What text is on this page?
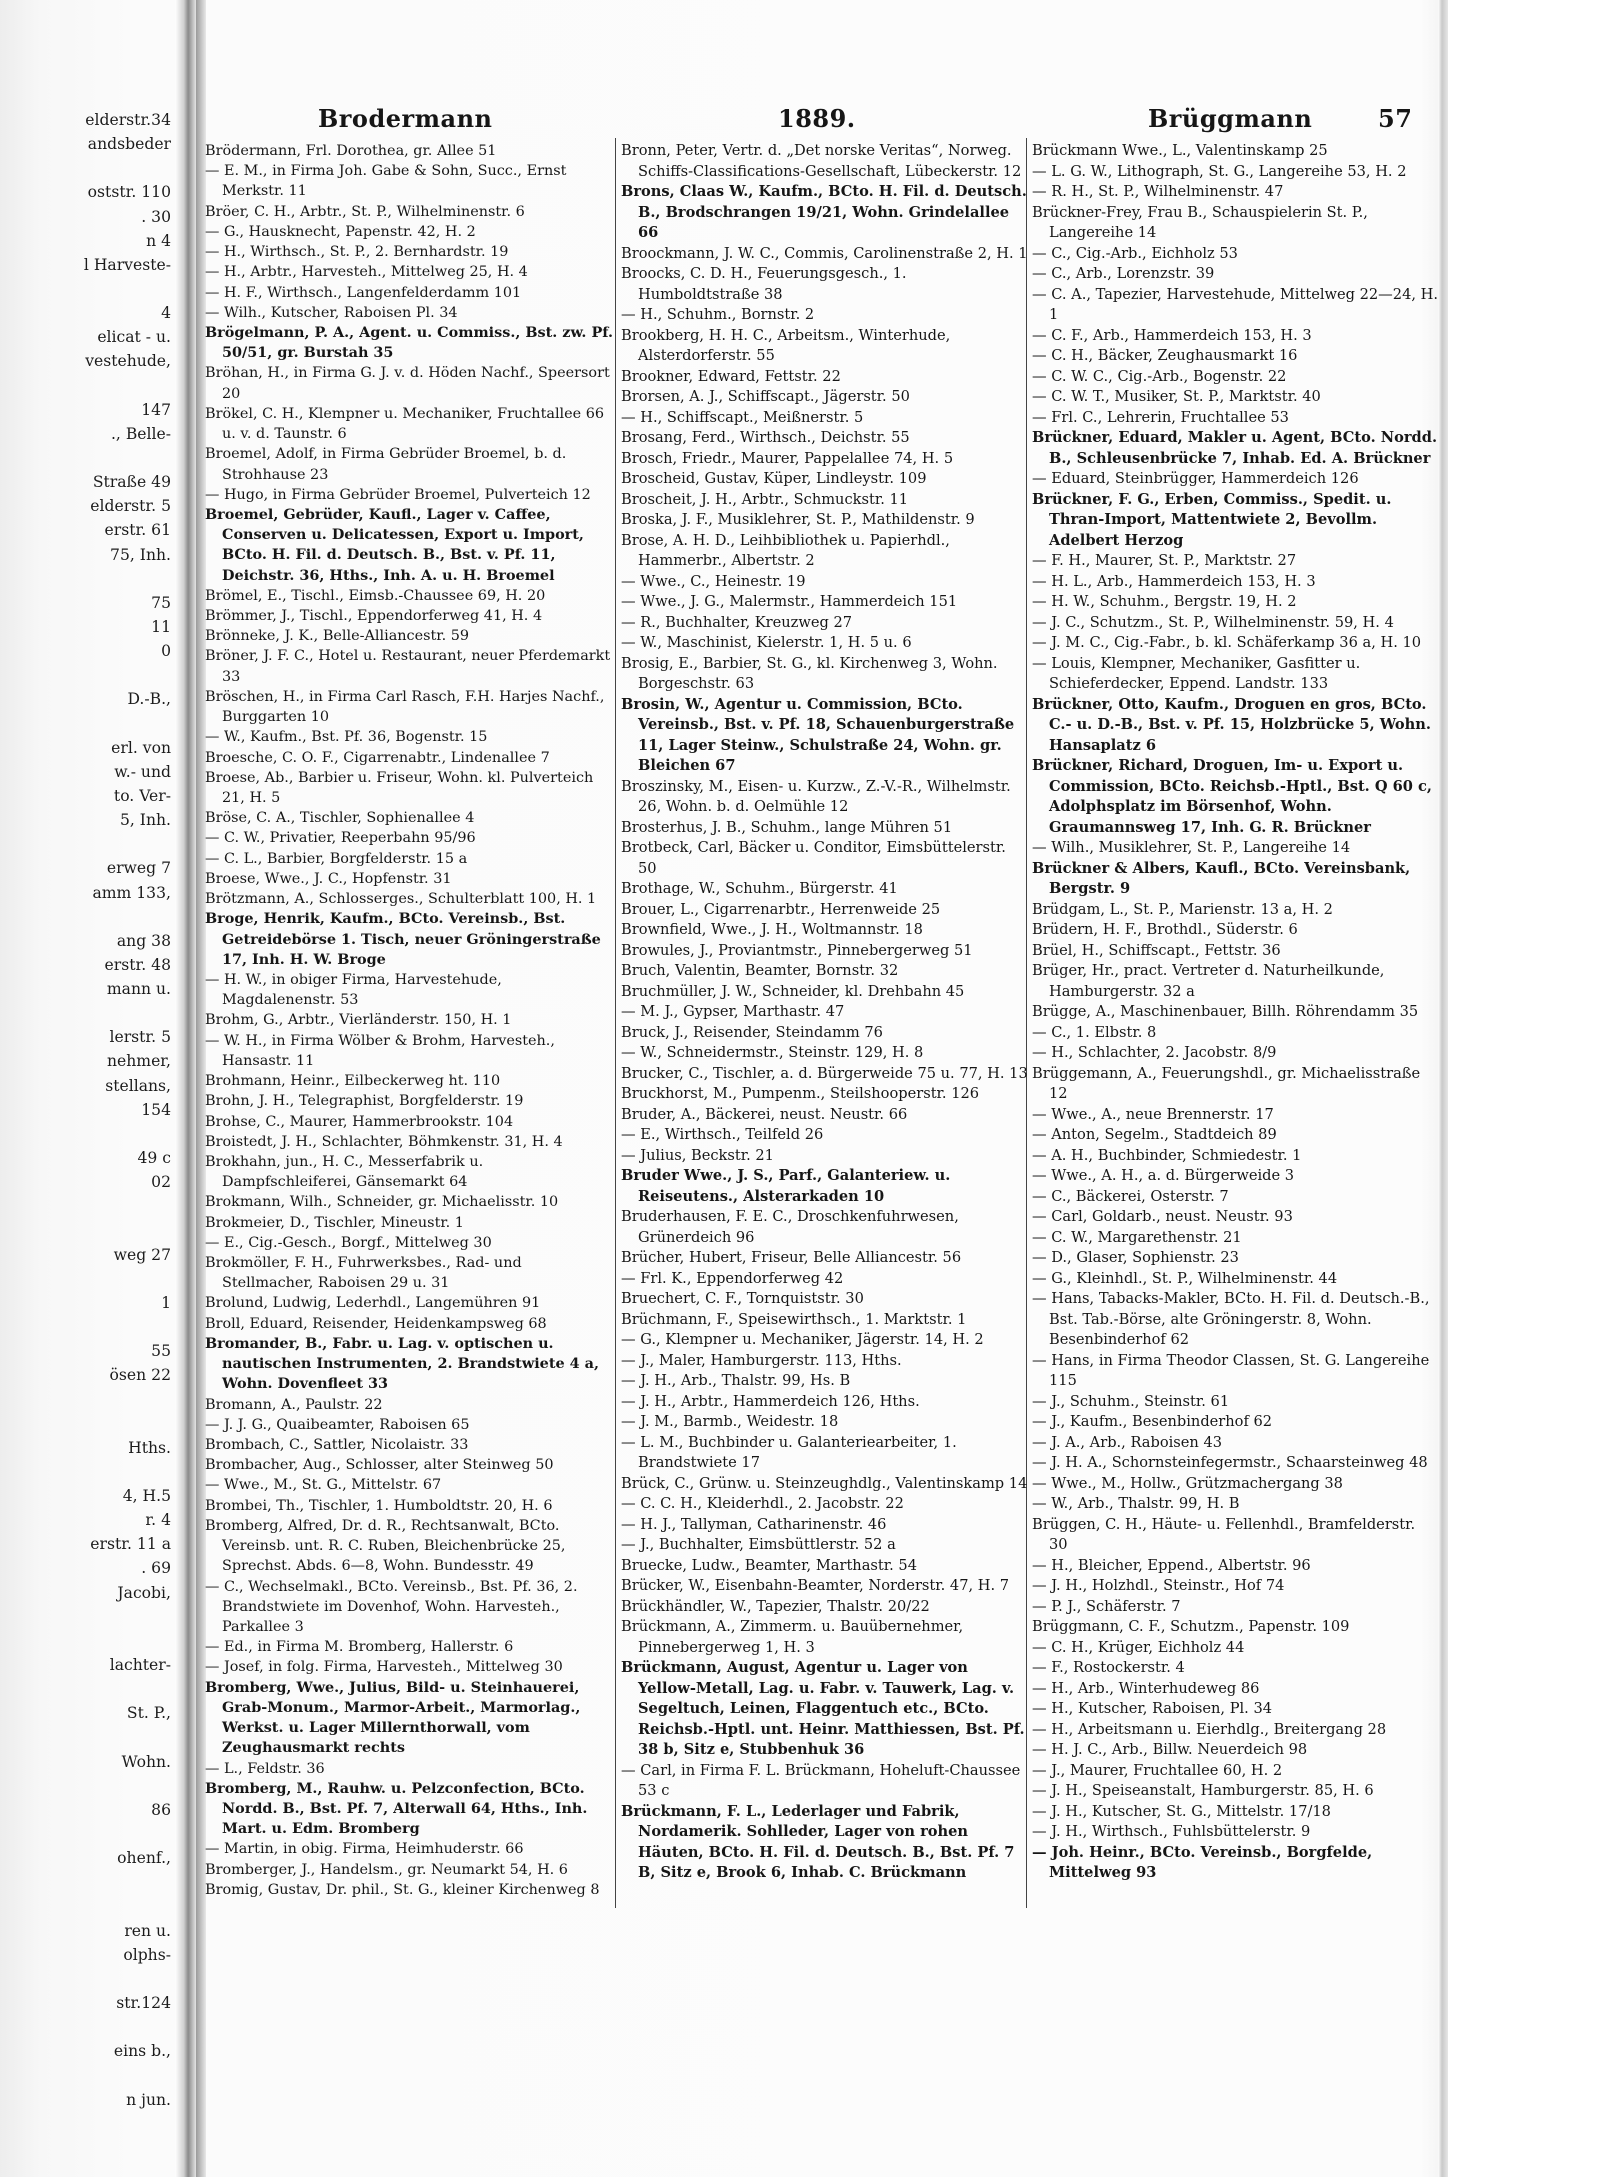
elderstr.34
andsbeder
oststr. 110
. 30
n 4
l Harveste-
4
elicat - u.
vestehude,
147
., Belle-
Straße 49
elderstr. 5
erstr. 61
75, Inh.
75
11
0
D.-B.,
erl. von
w.- und
to. Ver-
5, Inh.
erweg 7
amm 133,
ang 38
erstr. 48
mann u.
lerstr. 5
nehmer,
stellans,
154
49 c
02
weg 27
1
55
ösen 22
Hths.
4, H.5
r. 4
erstr. 11 a
. 69
Jacobi,
lachter-
St. P.,
Wohn.
86
ohenf.,
ren u.
olphs-
str.124
eins b.,
n jun.
Brodermann	1889.	Brüggmann	57
Brödermann, Frl. Dorothea, gr. Allee 51
— E. M., in Firma Joh. Gabe & Sohn, Succ., Ernst Merkstr. 11
Bröer, C. H., Arbtr., St. P., Wilhelminenstr. 6
— G., Hausknecht, Papenstr. 42, H. 2
— H., Wirthsch., St. P., 2. Bernhardstr. 19
— H., Arbtr., Harvesteh., Mittelweg 25, H. 4
— H. F., Wirthsch., Langenfelderdamm 101
— Wilh., Kutscher, Rabois​en Pl. 34
Brögelmann, P. A., Agent. u. Commiss., Bst. zw. Pf. 50/51, gr. Burstah 35
Bröhan, H., in Firma G. J. v. d. Höden Nachf., Speersort 20
Brökel, C. H., Klempner u. Mechaniker, Fruchtallee 66 u. v. d. Taunstr. 6
Broemel, Adolf, in Firma Gebrüder Broemel, b. d. Strohhause 23
— Hugo, in Firma Gebrüder Broemel, Pulverteich 12
Broemel, Gebrüder, Kaufl., Lager v. Caffee, Conserven u. Delicatessen, Export u. Import, BCto. H. Fil. d. Deutsch. B., Bst. v. Pf. 11, Deichstr. 36, Hths., Inh. A. u. H. Broemel
Brömel, E., Tischl., Eimsb.-Chaussee 69, H. 20
Brömmer, J., Tischl., Eppendorferweg 41, H. 4
Brönneke, J. K., Belle-Alliancestr. 59
Bröner, J. F. C., Hotel u. Restaurant, neuer Pferdemarkt 33
Bröschen, H., in Firma Carl Rasch, F.H. Harjes Nachf., Burggarten 10
— W., Kaufm., Bst. Pf. 36, Bogenstr. 15
Broesche, C. O. F., Cigarrenabtr., Lindenallee 7
Broese, Ab., Barbier u. Friseur, Wohn. kl. Pulverteich 21, H. 5
Bröse, C. A., Tischler, Sophienallee 4
— C. W., Privatier, Reeperbahn 95/96
— C. L., Barbier, Borgfelderstr. 15 a
Broese, Wwe., J. C., Hopfenstr. 31
Brötzmann, A., Schlosserges., Schulterblatt 100, H. 1
Broge, Henrik, Kaufm., BCto. Vereinsb., Bst. Getreidebörse 1. Tisch, neuer Gröningerstraße 17, Inh. H. W. Broge
— H. W., in obiger Firma, Harvestehude, Magdalenenstr. 53
Brohm, G., Arbtr., Vierländerstr. 150, H. 1
— W. H., in Firma Wölber & Brohm, Harvesteh., Hansastr. 11
Brohmann, Heinr., Eilbeckerweg ht. 110
Brohn, J. H., Telegraphist, Borgfelderstr. 19
Brohse, C., Maurer, Hammerbrookstr. 104
Broistedt, J. H., Schlachter, Böhmkenstr. 31, H. 4
Brokhahn, jun., H. C., Messerfabrik u. Dampfschleiferei, Gänsemarkt 64
Brokmann, Wilh., Schneider, gr. Michaelisstr. 10
Brokmeier, D., Tischler, Mineustr. 1
— E., Cig.-Gesch., Borgf., Mittelweg 30
Brokmöller, F. H., Fuhrwerksbes., Rad- und Stellmacher, Rabois​en 29 u. 31
Brolund, Ludwig, Lederhdl., Langemühren 91
Broll, Eduard, Reisender, Heidenkampsweg 68
Bromander, B., Fabr. u. Lag. v. optischen u. nautischen Instrumenten, 2. Brandstwiete 4 a, Wohn. Dovenfleet 33
Bromann, A., Paulstr. 22
— J. J. G., Quaibeamter, Rabois​en 65
Brombach, C., Sattler, Nicolaistr. 33
Brombacher, Aug., Schlosser, alter Steinweg 50
— Wwe., M., St. G., Mittelstr. 67
Brombei, Th., Tischler, 1. Humboldtstr. 20, H. 6
Bromberg, Alfred, Dr. d. R., Rechtsanwalt, BCto. Vereinsb. unt. R. C. Ruben, Bleichenbrücke 25, Sprechst. Abds. 6—8, Wohn. Bundesstr. 49
— C., Wechselmakl., BCto. Vereinsb., Bst. Pf. 36, 2. Brandstwiete im Dovenhof, Wohn. Harvesteh., Parkallee 3
— Ed., in Firma M. Bromberg, Hallerstr. 6
— Josef, in folg. Firma, Harvesteh., Mittelweg 30
Bromberg, Wwe., Julius, Bild- u. Steinhauerei, Grab-Monum., Marmor-Arbeit., Marmorlag., Werkst. u. Lager Millernthorwall, vom Zeughausmarkt rechts
— L., Feldstr. 36
Bromberg, M., Rauhw. u. Pelzconfection, BCto. Nordd. B., Bst. Pf. 7, Alterwall 64, Hths., Inh. Mart. u. Edm. Bromberg
— Martin, in obig. Firma, Heimhuderstr. 66
Bromberger, J., Handelsm., gr. Neumarkt 54, H. 6
Bromig, Gustav, Dr. phil., St. G., kleiner Kirchenweg 8
Bronn, Peter, Vertr. d. „Det norske Veritas“, Norweg. Schiffs-Classifications-Gesellschaft, Lübeckerstr. 12
Brons, Claas W., Kaufm., BCto. H. Fil. d. Deutsch. B., Brodschrangen 19/21, Wohn. Grindelallee 66
Broockmann, J. W. C., Commis, Carolinenstraße 2, H. 1
Broocks, C. D. H., Feuerungsgesch., 1. Humboldtstraße 38
— H., Schuhm., Bornstr. 2
Brookberg, H. H. C., Arbeitsm., Winterhude, Alsterdorferstr. 55
Brookner, Edward, Fettstr. 22
Brorsen, A. J., Schiffscapt., Jägerstr. 50
— H., Schiffscapt., Meißnerstr. 5
Brosang, Ferd., Wirthsch., Deichstr. 55
Brosch, Friedr., Maurer, Pappelallee 74, H. 5
Broscheid, Gustav, Küper, Lindleystr. 109
Broscheit, J. H., Arbtr., Schmuckstr. 11
Broska, J. F., Musiklehrer, St. P., Mathildenstr. 9
Brose, A. H. D., Leihbibliothek u. Papierhdl., Hammerbr., Albertstr. 2
— Wwe., C., Heinestr. 19
— Wwe., J. G., Malermstr., Hammerdeich 151
— R., Buchhalter, Kreuzweg 27
— W., Maschinist, Kielerstr. 1, H. 5 u. 6
Brosig, E., Barbier, St. G., kl. Kirchenweg 3, Wohn. Borgeschstr. 63
Brosin, W., Agentur u. Commission, BCto. Vereinsb., Bst. v. Pf. 18, Schauenburgerstraße 11, Lager Steinw., Schulstraße 24, Wohn. gr. Bleichen 67
Broszinsky, M., Eisen- u. Kurzw., Z.-V.-R., Wilhelmstr. 26, Wohn. b. d. Oelmühle 12
Brosterhus, J. B., Schuhm., lange Mühren 51
Brotbeck, Carl, Bäcker u. Conditor, Eimsbüttelerstr. 50
Brothage, W., Schuhm., Bürgerstr. 41
Brouer, L., Cigarrenarbtr., Herrenweide 25
Brownfield, Wwe., J. H., Woltmannstr. 18
Browules, J., Proviantmstr., Pinnebergerweg 51
Bruch, Valentin, Beamter, Bornstr. 32
Bruchmüller, J. W., Schneider, kl. Drehbahn 45
— M. J., Gypser, Marthastr. 47
Bruck, J., Reisender, Steindamm 76
— W., Schneidermstr., Steinstr. 129, H. 8
Brucker, C., Tischler, a. d. Bürgerweide 75 u. 77, H. 13
Bruckhorst, M., Pumpenm., Steilshooperstr. 126
Bruder, A., Bäckerei, neust. Neustr. 66
— E., Wirthsch., Teilfeld 26
— Julius, Beckstr. 21
Bruder Wwe., J. S., Parf., Galanteriew. u. Reiseutens., Alsterarkaden 10
Bruderhausen, F. E. C., Droschkenfuhrwesen, Grünerdeich 96
Brücher, Hubert, Friseur, Belle Alliancestr. 56
— Frl. K., Eppendorferweg 42
Bruechert, C. F., Tornquiststr. 30
Brüchmann, F., Speisewirthsch., 1. Marktstr. 1
— G., Klempner u. Mechaniker, Jägerstr. 14, H. 2
— J., Maler, Hamburgerstr. 113, Hths.
— J. H., Arb., Thalstr. 99, Hs. B
— J. H., Arbtr., Hammerdeich 126, Hths.
— J. M., Barmb., Weidestr. 18
— L. M., Buchbinder u. Galanteriearbeiter, 1. Brandstwiete 17
Brück, C., Grünw. u. Steinzeughdlg., Valentinskamp 14
— C. C. H., Kleiderhdl., 2. Jacobstr. 22
— H. J., Tallyman, Catharinenstr. 46
— J., Buchhalter, Eimsbüttlerstr. 52 a
Bruecke, Ludw., Beamter, Marthastr. 54
Brücker, W., Eisenbahn-Beamter, Norderstr. 47, H. 7
Brückhändler, W., Tapezier, Thalstr. 20/22
Brückmann, A., Zimmerm. u. Bauübernehmer, Pinnebergerweg 1, H. 3
Brückmann, August, Agentur u. Lager von Yellow-Metall, Lag. u. Fabr. v. Tauwerk, Lag. v. Segeltuch, Leinen, Flaggentuch etc., BCto. Reichsb.-Hptl. unt. Heinr. Matthiessen, Bst. Pf. 38 b, Sitz e, Stubbenhuk 36
— Carl, in Firma F. L. Brückmann, Hoheluft-Chaussee 53 c
Brückmann, F. L., Lederlager und Fabrik, Nordamerik. Sohlleder, Lager von rohen Häuten, BCto. H. Fil. d. Deutsch. B., Bst. Pf. 7 B, Sitz e, Brook 6, Inhab. C. Brückmann
Brückmann Wwe., L., Valentinskamp 25
— L. G. W., Lithograph, St. G., Langereihe 53, H. 2
— R. H., St. P., Wilhelminenstr. 47
Brückner-Frey, Frau B., Schauspielerin St. P., Langereihe 14
— C., Cig.-Arb., Eichholz 53
— C., Arb., Lorenzstr. 39
— C. A., Tapezier, Harvestehude, Mittelweg 22—24, H. 1
— C. F., Arb., Hammerdeich 153, H. 3
— C. H., Bäcker, Zeughausmarkt 16
— C. W. C., Cig.-Arb., Bogenstr. 22
— C. W. T., Musiker, St. P., Marktstr. 40
— Frl. C., Lehrerin, Fruchtallee 53
Brückner, Eduard, Makler u. Agent, BCto. Nordd. B., Schleusenbrücke 7, Inhab. Ed. A. Brückner
— Eduard, Steinbrügger, Hammerdeich 126
Brückner, F. G., Erben, Commiss., Spedit. u. Thran-Import, Mattentwiete 2, Bevollm. Adelbert Herzog
— F. H., Maurer, St. P., Marktstr. 27
— H. L., Arb., Hammerdeich 153, H. 3
— H. W., Schuhm., Bergstr. 19, H. 2
— J. C., Schutzm., St. P., Wilhelminenstr. 59, H. 4
— J. M. C., Cig.-Fabr., b. kl. Schäferkamp 36 a, H. 10
— Louis, Klempner, Mechaniker, Gasfitter u. Schieferdecker, Eppend. Landstr. 133
Brückner, Otto, Kaufm., Droguen en gros, BCto. C.- u. D.-B., Bst. v. Pf. 15, Holzbrücke 5, Wohn. Hansaplatz 6
Brückner, Richard, Droguen, Im- u. Export u. Commission, BCto. Reichsb.-Hptl., Bst. Q 60 c, Adolphsplatz im Börsenhof, Wohn. Graumannsweg 17, Inh. G. R. Brückner
— Wilh., Musiklehrer, St. P., Langereihe 14
Brückner & Albers, Kaufl., BCto. Vereinsbank, Bergstr. 9
Brüdgam, L., St. P., Marienstr. 13 a, H. 2
Brüdern, H. F., Brothdl., Süderstr. 6
Brüel, H., Schiffscapt., Fettstr. 36
Brüger, Hr., pract. Vertreter d. Naturheilkunde, Hamburgerstr. 32 a
Brügge, A., Maschinenbauer, Billh. Röhrendamm 35
— C., 1. Elbstr. 8
— H., Schlachter, 2. Jacobstr. 8/9
Brüggemann, A., Feuerungshdl., gr. Michaelisstraße 12
— Wwe., A., neue Brennerstr. 17
— Anton, Segelm., Stadtdeich 89
— A. H., Buchbinder, Schmiedestr. 1
— Wwe., A. H., a. d. Bürgerweide 3
— C., Bäckerei, Osterstr. 7
— Carl, Goldarb., neust. Neustr. 93
— C. W., Margarethenstr. 21
— D., Glaser, Sophienstr. 23
— G., Kleinhdl., St. P., Wilhelminenstr. 44
— Hans, Tabacks-Makler, BCto. H. Fil. d. Deutsch.-B., Bst. Tab.-Börse, alte Gröningerstr. 8, Wohn. Besenbinderhof 62
— Hans, in Firma Theodor Classen, St. G. Langereihe 115
— J., Schuhm., Steinstr. 61
— J., Kaufm., Besenbinderhof 62
— J. A., Arb., Rabois​en 43
— J. H. A., Schornsteinfegermstr., Schaarsteinweg 48
— Wwe., M., Hollw., Grützmachergang 38
— W., Arb., Thalstr. 99, H. B
Brüggen, C. H., Häute- u. Fellenhdl., Bramfelderstr. 30
— H., Bleicher, Eppend., Albertstr. 96
— J. H., Holzhdl., Steinstr., Hof 74
— P. J., Schäferstr. 7
Brüggmann, C. F., Schutzm., Papenstr. 109
— C. H., Krüger, Eichholz 44
— F., Rostockerstr. 4
— H., Arb., Winterhudeweg 86
— H., Kutscher, Rabois​en, Pl. 34
— H., Arbeitsmann u. Eierhdlg., Breitergang 28
— H. J. C., Arb., Billw. Neuerdeich 98
— J., Maurer, Fruchtallee 60, H. 2
— J. H., Speiseanstalt, Hamburgerstr. 85, H. 6
— J. H., Kutscher, St. G., Mittelstr. 17/18
— J. H., Wirthsch., Fuhlsbüttelerstr. 9
— Joh. Heinr., BCto. Vereinsb., Borgfelde, Mittelweg 93
